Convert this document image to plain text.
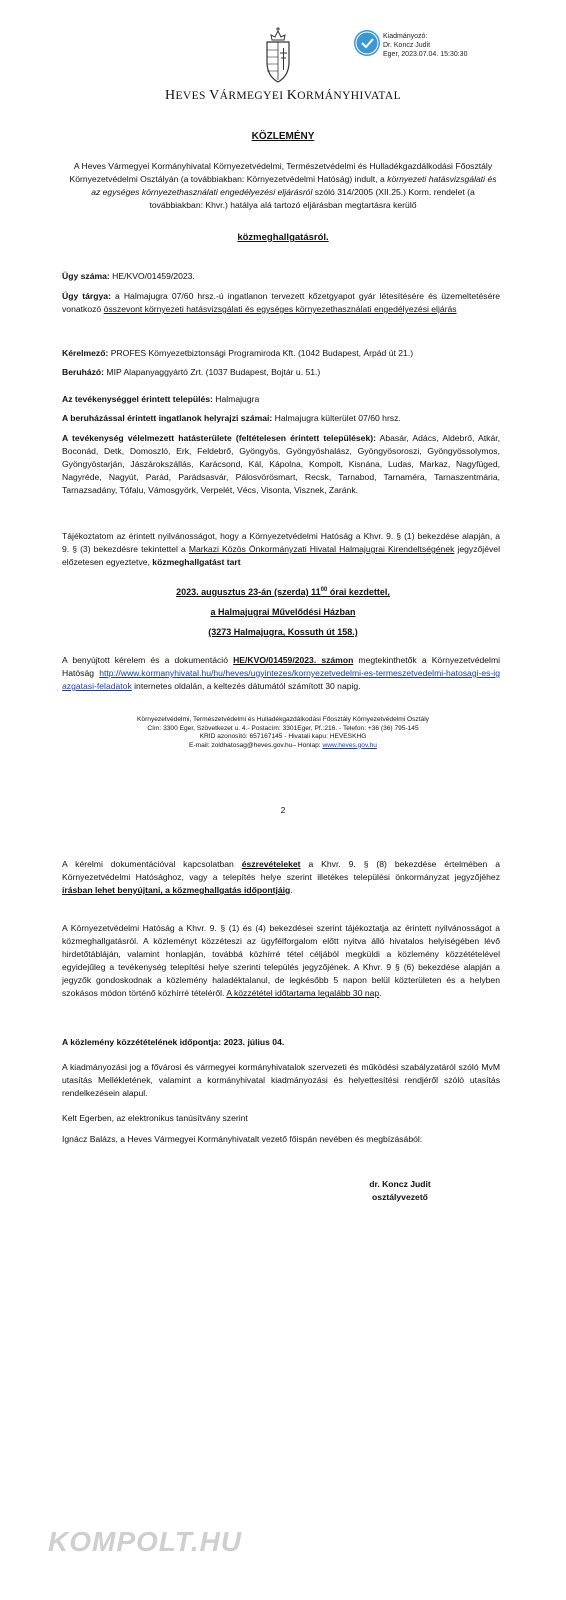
HEVES VÁRMEGYEI KORMÁNYHIVATAL
Kiadmányozó:
Dr. Koncz Judit
Eger, 2023.07.04. 15:30:30
KÖZLEMÉNY

A Heves Vármegyei Kormányhivatal Környezetvédelmi, Természetvédelmi és Hulladékgazdálkodási Főosztály Környezetvédelmi Osztályán (a továbbiakban: Környezetvédelmi Hatóság) indult, a környezeti hatásvizsgálati és az egységes környezethasználati engedélyezési eljárásról szóló 314/2005 (XII.25.) Korm. rendelet (a továbbiakban: Khvr.) hatálya alá tartozó eljárásban megtartásra kerülő

közmeghallgatásról.

Ügy száma: HE/KVO/01459/2023.

Ügy tárgya: a Halmajugra 07/60 hrsz.-ú ingatlanon tervezett kőzetgyapot gyár létesítésére és üzemeltetésére vonatkozó összevont környezeti hatásvizsgálati és egységes környezethasználati engedélyezési eljárás

Kérelmező: PROFES Környezetbiztonsági Programiroda Kft. (1042 Budapest, Árpád út 21.)

Beruházó: MIP Alapanyaggyártó Zrt. (1037 Budapest, Bojtár u. 51.)

Az tevékenységgel érintett település: Halmajugra

A beruházással érintett ingatlanok helyrajzi számai: Halmajugra külterület 07/60 hrsz.

A tevékenység vélelmezett hatásterülete (feltételesen érintett települések): Abasár, Adács, Aldebrő, Atkár, Boconád, Detk, Domoszló, Erk, Feldebrő, Gyöngyös, Gyöngyöshalász, Gyöngyösoroszi, Gyöngyössolymos, Gyöngyöstarján, Jászárokszállás, Karácsond, Kál, Kápolna, Kompolt, Kisnána, Ludas, Markaz, Nagyfüged, Nagyréde, Nagyút, Parád, Parádsasvár, Pálosvörösmart, Recsk, Tarnabod, Tarnaméra, Tarnaszentmária, Tarnazsadány, Tófalu, Vámosgyörk, Verpelét, Vécs, Visonta, Visznek, Zaránk.

Tájékoztatom az érintett nyilvánosságot, hogy a Környezetvédelmi Hatóság a Khvr. 9. § (1) bekezdése alapján, a 9. § (3) bekezdésre tekintettel a Markazi Közös Önkormányzati Hivatal Halmajugrai Kirendeltségének jegyzőjével előzetesen egyeztetve, közmeghallgatást tart

2023. augusztus 23-án (szerda) $11^{00}$ órai kezdettel,
a Halmajugrai Művelődési Házban
(3273 Halmajugra, Kossuth út 158.)

A benyújtott kérelem és a dokumentáció HE/KVO/01459/2023. számon megtekinthetők a Környezetvédelmi Hatóság http://www.kormanyhivatal.hu/hu/heves/ugyintezes/kornyezetvedelmi-es-termeszetvedelmi-hatosagi-es-igazgatasi-feladatok internetes oldalán, a keltezés dátumától számított 30 napig.

Környezetvédelmi, Természetvédelmi és Hulladékgazdálkodási Főosztály Környezetvédelmi Osztály
Cím: 3300 Eger, Szövetkezet u. 4.- Postacím: 3301Eger, Pf.:216. - Telefon: +36 (36) 795-145
KRID azonosító: 657167145 - Hivatali kapu: HEVESKHG
E-mail: zoldhatosag@heves.gov.hu– Honlap: www.heves.gov.hu
2

A kérelmi dokumentációval kapcsolatban észrevételeket a Khvr. 9. § (8) bekezdése értelmében a Környezetvédelmi Hatósághoz, vagy a telepítés helye szerint illetékes települési önkormányzat jegyzőjéhez írásban lehet benyújtani, a közmeghallgatás időpontjáig.

A Környezetvédelmi Hatóság a Khvr. 9. § (1) és (4) bekezdései szerint tájékoztatja az érintett nyilvánosságot a közmeghallgatásról. A közleményt közzéteszi az ügyfélforgalom előtt nyitva álló hivatalos helyiségében lévő hirdetőtábláján, valamint honlapján, továbbá közhírré tétel céljából megküldi a közlemény közzétételével egyidejűleg a tevékenység telepítési helye szerinti település jegyzőjének. A Khvr. 9 § (6) bekezdése alapján a jegyzők gondoskodnak a közlemény haladéktalanul, de legkésőbb 5 napon belül közterületen és a helyben szokásos módon történő közhírré tételéről. A közzététel időtartama legalább 30 nap.

A közlemény közzétételének időpontja: 2023. július 04.

A kiadmányozási jog a fővárosi és vármegyei kormányhivatalok szervezeti és működési szabályzatáról szóló MvM utasítás Mellékletének, valamint a kormányhivatal kiadmányozási és helyettesítési rendjéről szóló utasítás rendelkezésein alapul.

Kelt Egerben, az elektronikus tanúsítvány szerint

Ignácz Balázs, a Heves Vármegyei Kormányhivatalt vezető főispán nevében és megbízásából:

dr. Koncz Judit
osztályvezető
KOMPOLT.HU
